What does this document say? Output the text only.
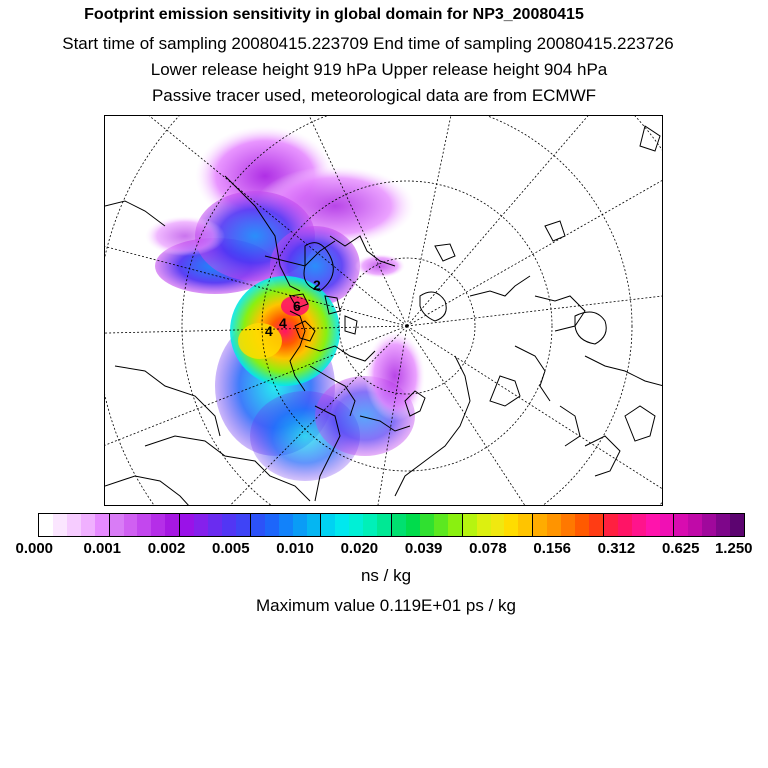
Footprint emission sensitivity in global domain for NP3_20080415
Start time of sampling 20080415.223709 End time of sampling 20080415.223726
Lower release height 919 hPa Upper release height 904 hPa
Passive tracer used, meteorological data are from ECMWF
2
6
4
4
0.000 0.001 0.002 0.005 0.010 0.020 0.039 0.078 0.156 0.312 0.625 1.250
ns / kg
Maximum value 0.119E+01 ps / kg
